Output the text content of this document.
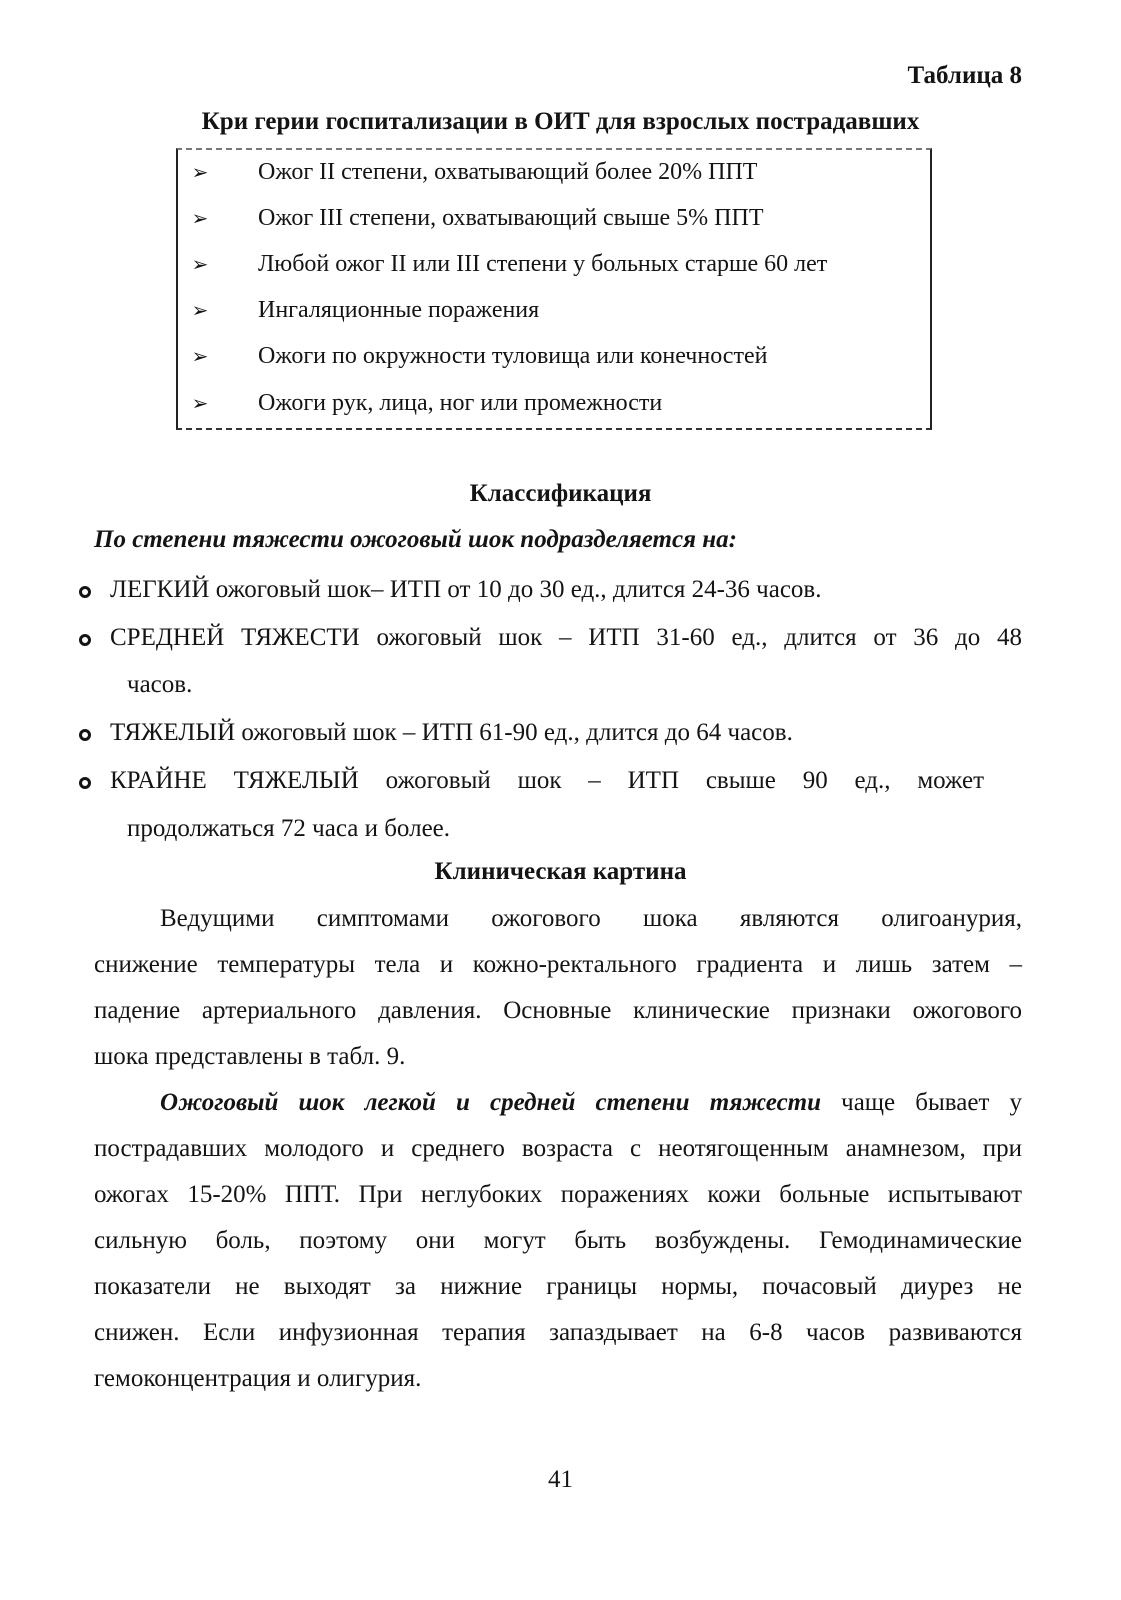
Таблица 8
Кри герии госпитализации в ОИТ для взрослых пострадавших
➢ Ожог II степени, охватывающий более 20% ППТ
➢ Ожог III степени, охватывающий свыше 5% ППТ
➢ Любой ожог II или III степени у больных старше 60 лет
➢ Ингаляционные поражения
➢ Ожоги по окружности туловища или конечностей
➢ Ожоги рук, лица, ног или промежности
Классификация
По степени тяжести ожоговый шок подразделяется на:
ЛЕГКИЙ ожоговый шок– ИТП от 10 до 30 ед., длится 24-36 часов.
СРЕДНЕЙ ТЯЖЕСТИ ожоговый шок – ИТП 31-60 ед., длится от 36 до 48
часов.
ТЯЖЕЛЫЙ ожоговый шок – ИТП 61-90 ед., длится до 64 часов.
КРАЙНЕ ТЯЖЕЛЫЙ ожоговый шок – ИТП свыше 90 ед., может
продолжаться 72 часа и более.
Клиническая картина
Ведущими симптомами ожогового шока являются олигоанурия,
снижение температуры тела и кожно-ректального градиента и лишь затем –
падение артериального давления. Основные клинические признаки ожогового
шока представлены в табл. 9.
Ожоговый шок легкой и средней степени тяжести чаще бывает у
пострадавших молодого и среднего возраста с неотягощенным анамнезом, при
ожогах 15-20% ППТ. При неглубоких поражениях кожи больные испытывают
сильную боль, поэтому они могут быть возбуждены. Гемодинамические
показатели не выходят за нижние границы нормы, почасовый диурез не
снижен. Если инфузионная терапия запаздывает на 6-8 часов развиваются
гемоконцентрация и олигурия.
41
